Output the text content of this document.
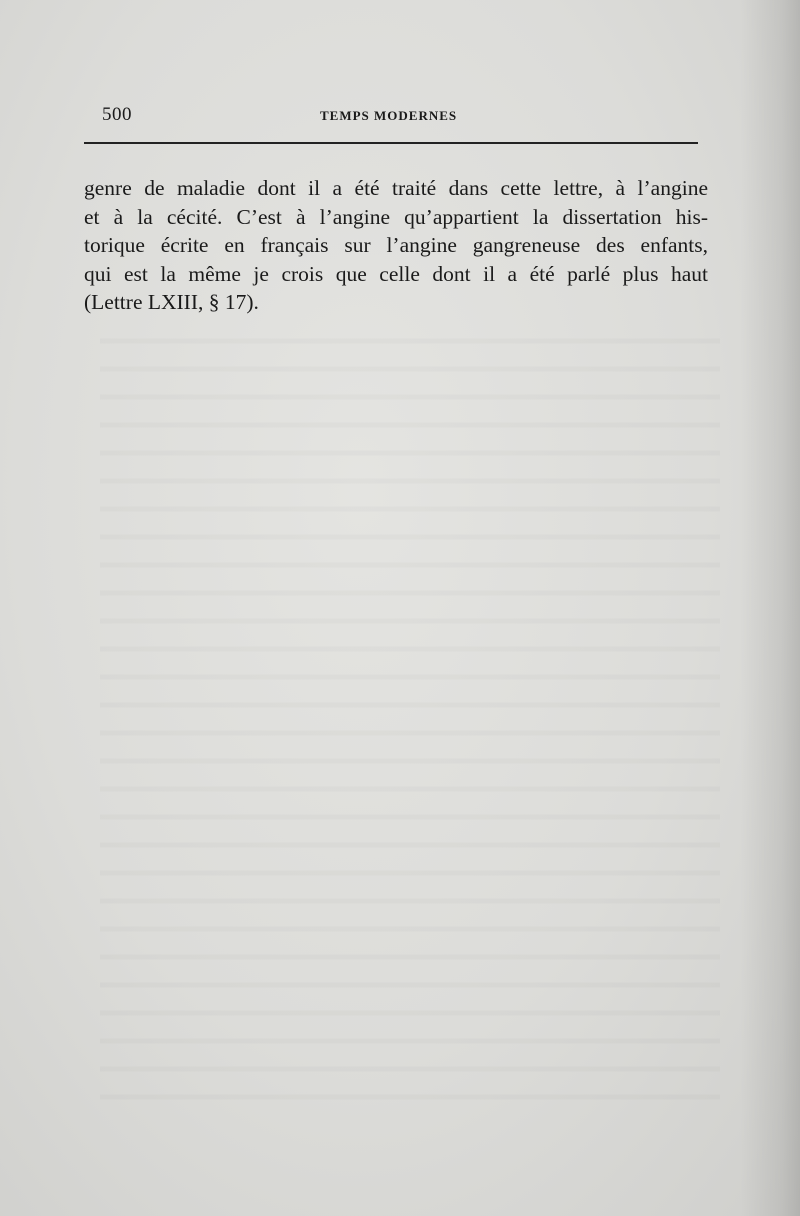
500	TEMPS MODERNES
genre de maladie dont il a été traité dans cette lettre, à l’angine
et à la cécité. C’est à l’angine qu’appartient la dissertation his-
torique écrite en français sur l’angine gangreneuse des enfants,
qui est la même je crois que celle dont il a été parlé plus haut
(Lettre LXIII, § 17).
